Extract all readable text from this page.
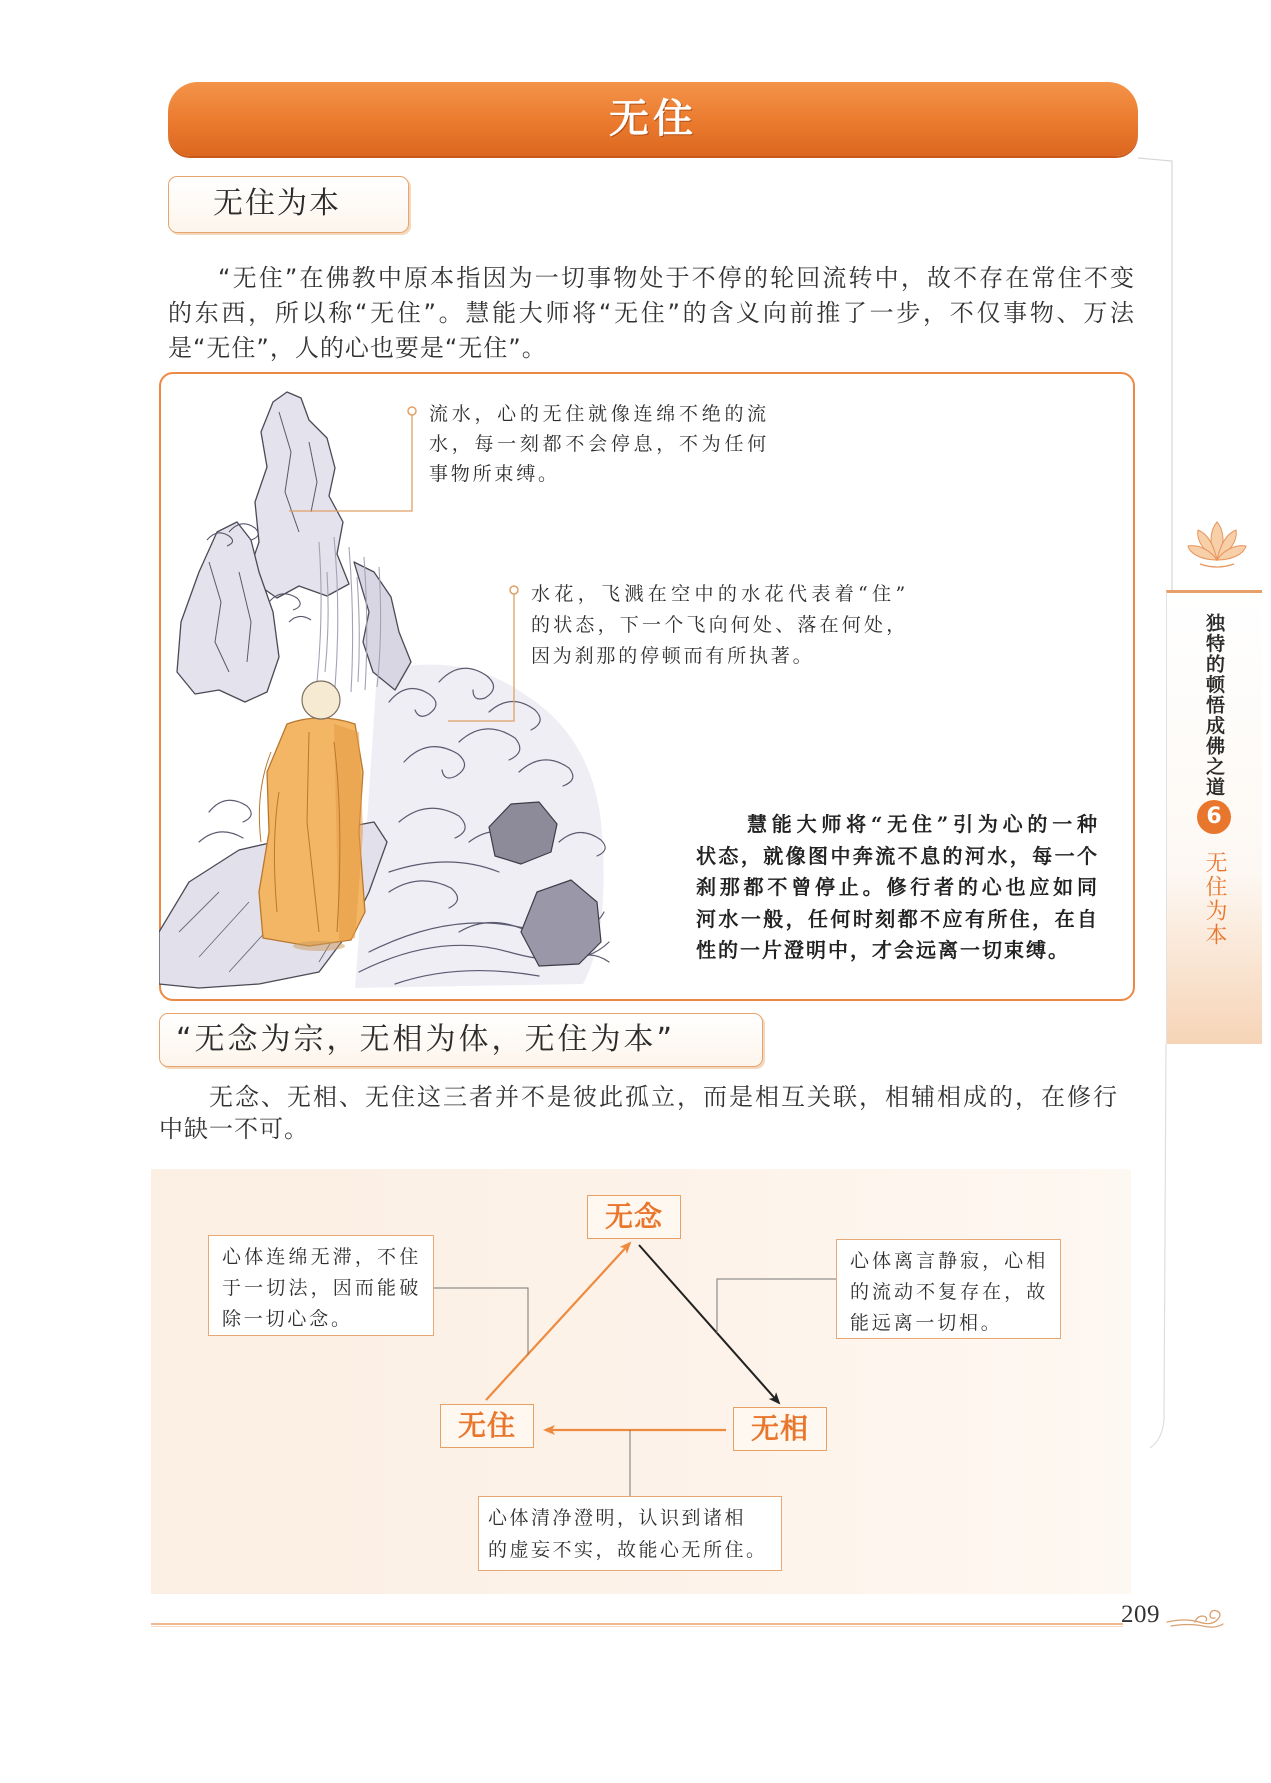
无住
独特的顿悟成佛之道
6
无住为本
无住为本
“无住”在佛教中原本指因为一切事物处于不停的轮回流转中，故不存在常住不变
的东西，所以称“无住”。慧能大师将“无住”的含义向前推了一步，不仅事物、万法
是“无住”，人的心也要是“无住”。
流水，心的无住就像连绵不绝的流
水，每一刻都不会停息，不为任何
事物所束缚。
水花，飞溅在空中的水花代表着“住”
的状态，下一个飞向何处、落在何处，
因为刹那的停顿而有所执著。
慧能大师将“无住”引为心的一种
状态，就像图中奔流不息的河水，每一个
刹那都不曾停止。修行者的心也应如同
河水一般，任何时刻都不应有所住，在自
性的一片澄明中，才会远离一切束缚。
“无念为宗，无相为体，无住为本”
无念、无相、无住这三者并不是彼此孤立，而是相互关联，相辅相成的，在修行
中缺一不可。
无念
无住	无相
心体连绵无滞，不住
于一切法，因而能破
除一切心念。
心体离言静寂，心相
的流动不复存在，故
能远离一切相。
心体清净澄明，认识到诸相
的虚妄不实，故能心无所住。
209
